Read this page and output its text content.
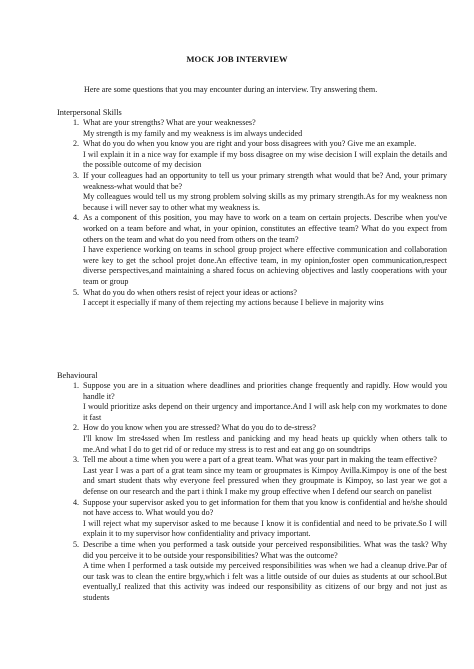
MOCK JOB INTERVIEW
Here are some questions that you may encounter during an interview. Try answering them.
Interpersonal Skills
1. What are your strengths? What are your weaknesses?
My strength is my family and my weakness is im always undecided
2. What do you do when you know you are right and your boss disagrees with you? Give me an example.
I wil explain it in a nice way for example if my boss disagree on my wise decision I will explain the details and the possible outcome of my decision
3. If your colleagues had an opportunity to tell us your primary strength what would that be? And, your primary weakness-what would that be?
My colleagues would tell us my strong problem solving skills as my primary strength.As for my weakness non because i will never say to other what my weakness is.
4. As a component of this position, you may have to work on a team on certain projects. Describe when you've worked on a team before and what, in your opinion, constitutes an effective team? What do you expect from others on the team and what do you need from others on the team?
I have experience working on teams in school group project where effective communication and collaboration were key to get the school projet done.An effective team, in my opinion,foster open communication,respect diverse perspectives,and maintaining a shared focus on achieving objectives and lastly cooperations with your team or group
5. What do you do when others resist of reject your ideas or actions?
I accept it especially if many of them rejecting my actions because I believe in majority wins
Behavioural
1. Suppose you are in a situation where deadlines and priorities change frequently and rapidly. How would you handle it?
I would prioritize asks depend on their urgency and importance.And I will ask help con my workmates to done it fast
2. How do you know when you are stressed? What do you do to de-stress?
I'll know Im stre4ssed when Im restless and panicking and my head heats up quickly when others talk to me.And what I do to get rid of or reduce my stress is to rest and eat ang go on soundtrips
3. Tell me about a time when you were a part of a great team. What was your part in making the team effective?
Last year I was a part of a grat team since my team or groupmates is Kimpoy Avilla.Kimpoy is one of the best and smart student thats why everyone feel pressured when they groupmate is Kimpoy, so last year we got a defense on our research and the part i think I make my group effective when I defend our search on panelist
4. Suppose your supervisor asked you to get information for them that you know is confidential and he/she should not have access to. What would you do?
I will reject what my supervisor asked to me because I know it is confidential and need to be private.So I will explain it to my supervisor how confidentiality and privacy important.
5. Describe a time when you performed a task outside your perceived responsibilities. What was the task? Why did you perceive it to be outside your responsibilities? What was the outcome?
A time when I performed a task outside my perceived responsibilities was when we had a cleanup drive.Par of our task was to clean the entire brgy,which i felt was a little outside of our duies as students at our school.But eventually,I realized that this activity was indeed our responsibility as citizens of our brgy and not just as students
